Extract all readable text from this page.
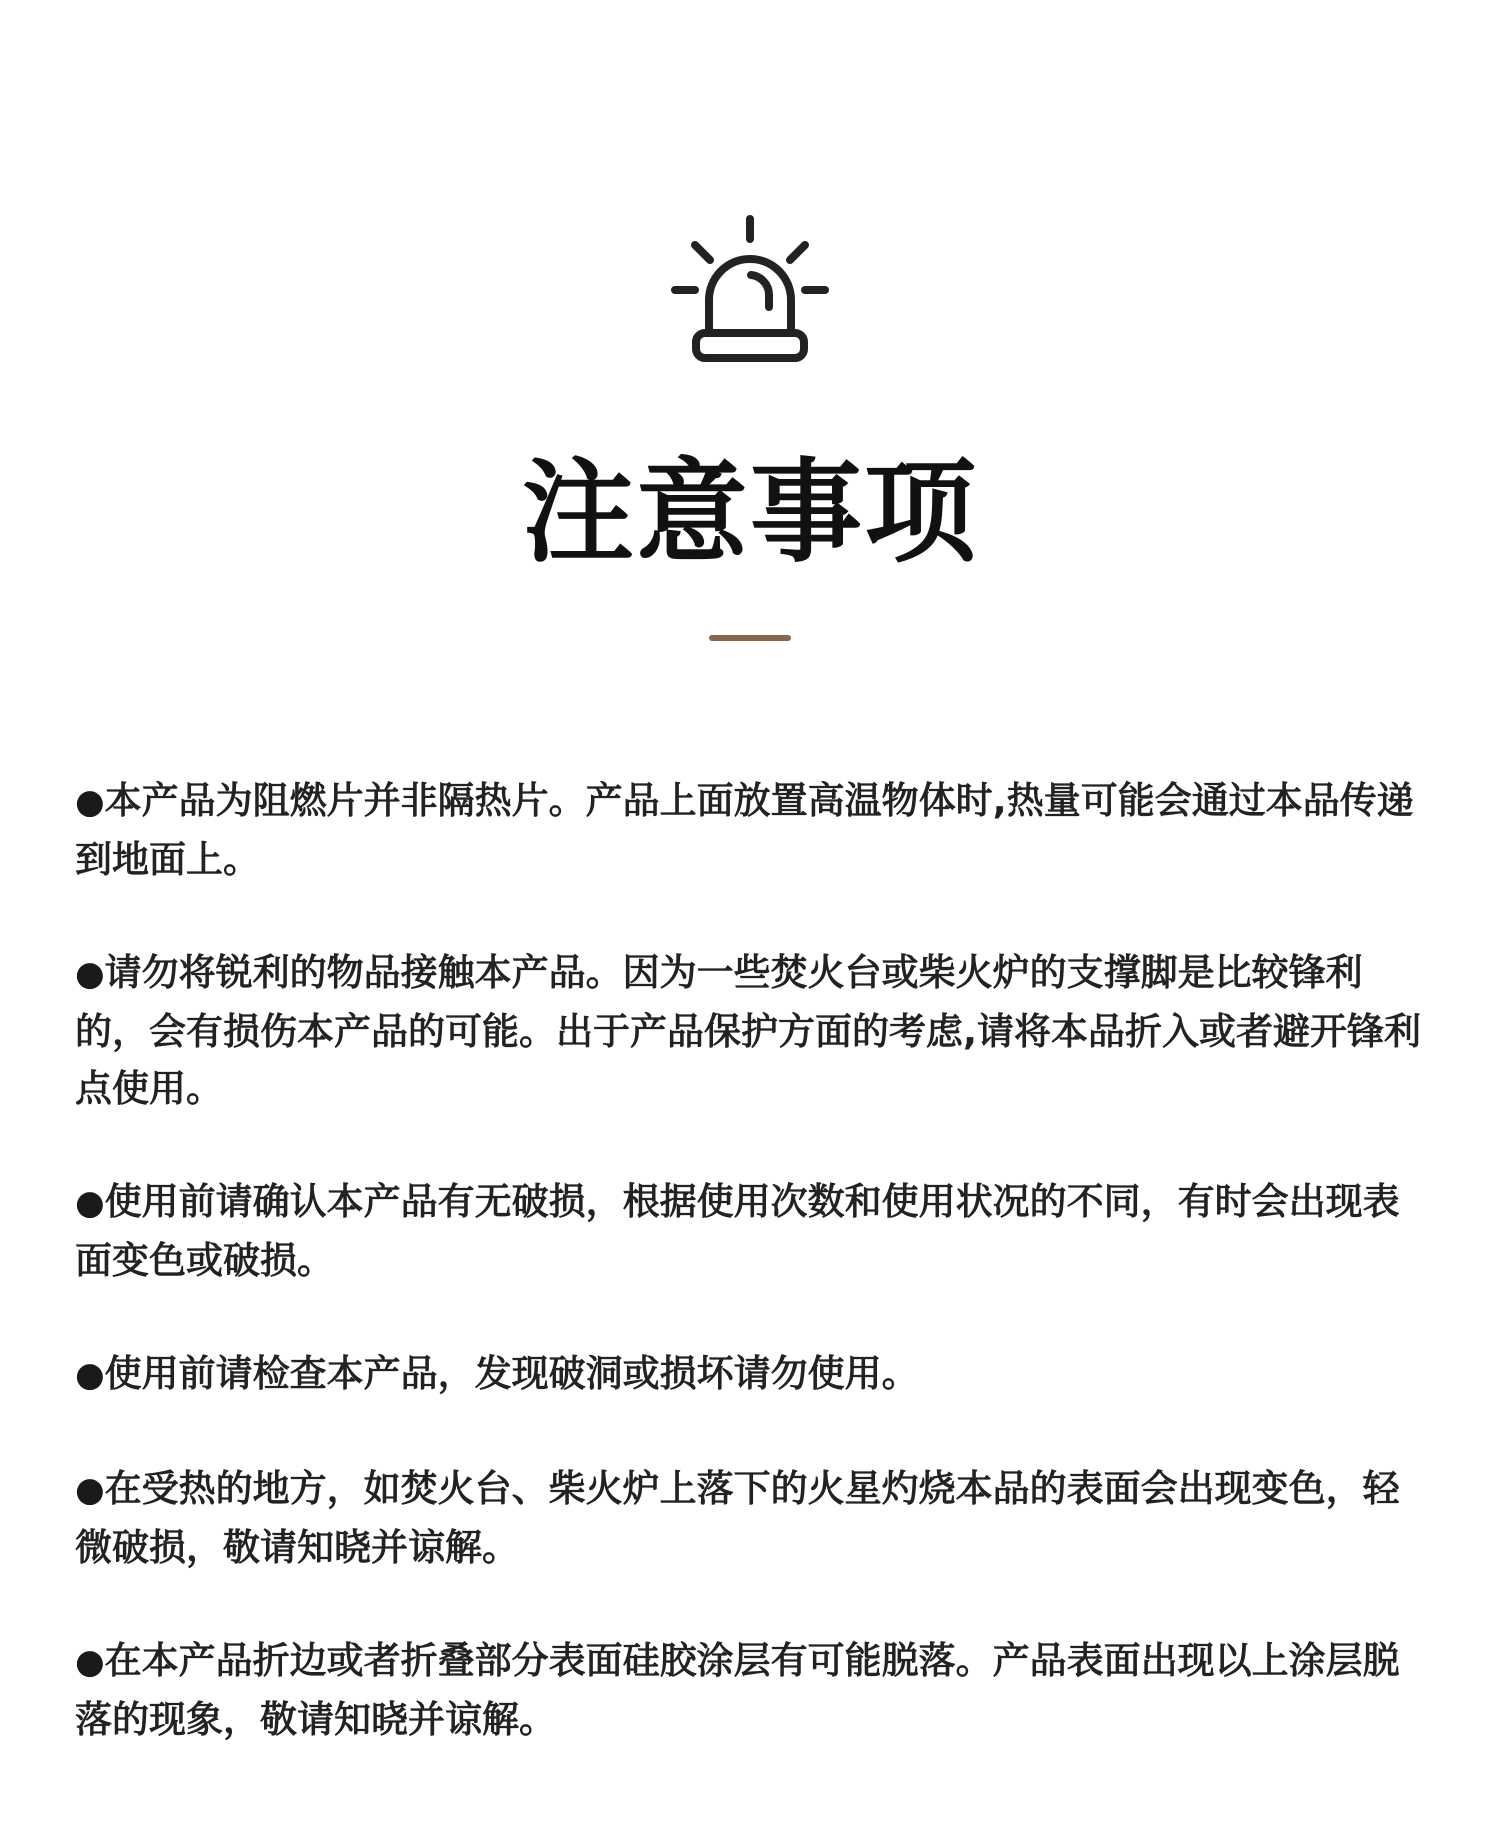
注意事项
●本产品为阻燃片并非隔热片。产品上面放置高温物体时,热量可能会通过本品传递到地面上。
●请勿将锐利的物品接触本产品。因为一些焚火台或柴火炉的支撑脚是比较锋利的，会有损伤本产品的可能。出于产品保护方面的考虑,请将本品折入或者避开锋利点使用。
●使用前请确认本产品有无破损，根据使用次数和使用状况的不同，有时会出现表面变色或破损。
●使用前请检查本产品，发现破洞或损坏请勿使用。
●在受热的地方，如焚火台、柴火炉上落下的火星灼烧本品的表面会出现变色，轻微破损，敬请知晓并谅解。
●在本产品折边或者折叠部分表面硅胶涂层有可能脱落。产品表面出现以上涂层脱落的现象，敬请知晓并谅解。
